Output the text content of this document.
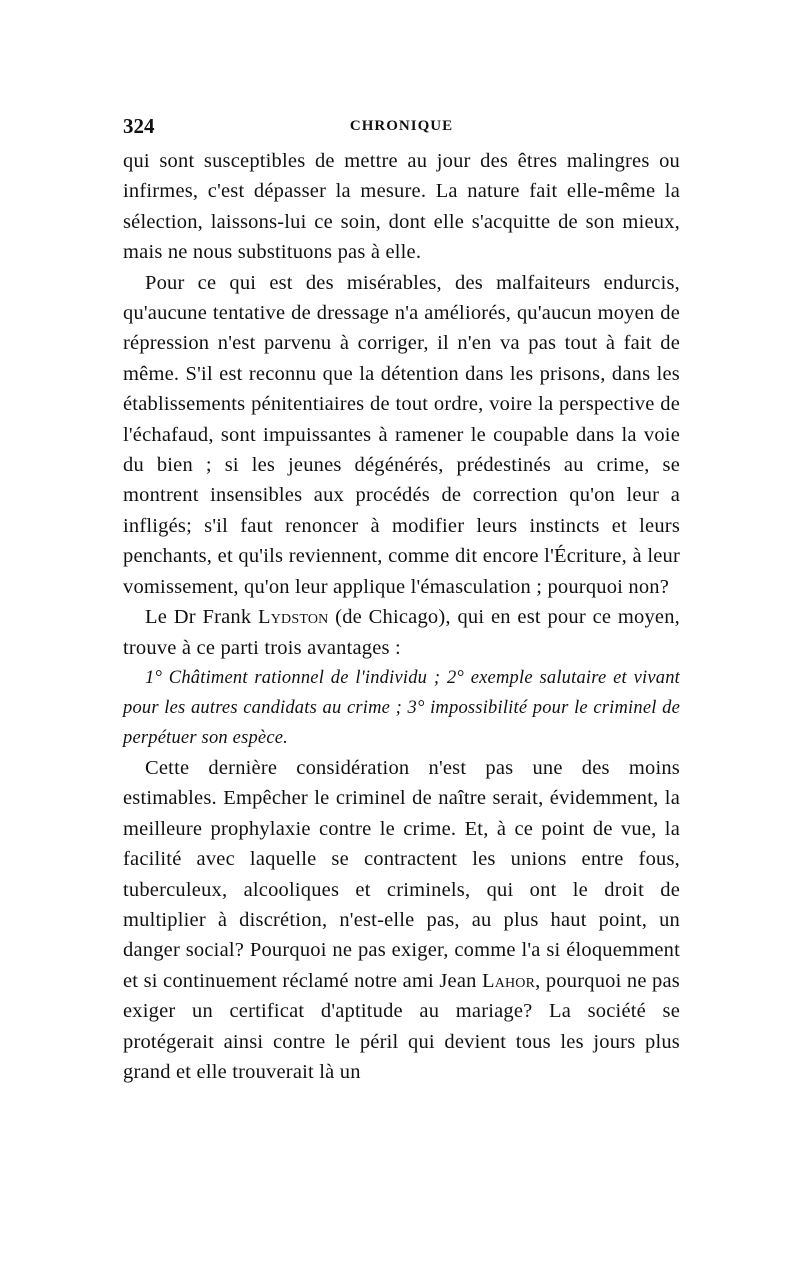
324	CHRONIQUE

qui sont susceptibles de mettre au jour des êtres malingres ou infirmes, c'est dépasser la mesure. La nature fait elle-même la sélection, laissons-lui ce soin, dont elle s'acquitte de son mieux, mais ne nous substituons pas à elle.

Pour ce qui est des misérables, des malfaiteurs endurcis, qu'aucune tentative de dressage n'a améliorés, qu'aucun moyen de répression n'est parvenu à corriger, il n'en va pas tout à fait de même. S'il est reconnu que la détention dans les prisons, dans les établissements pénitentiaires de tout ordre, voire la perspective de l'échafaud, sont impuissantes à ramener le coupable dans la voie du bien ; si les jeunes dégénérés, prédestinés au crime, se montrent insensibles aux procédés de correction qu'on leur a infligés; s'il faut renoncer à modifier leurs instincts et leurs penchants, et qu'ils reviennent, comme dit encore l'Écriture, à leur vomissement, qu'on leur applique l'émasculation ; pourquoi non?

Le Dr Frank Lydston (de Chicago), qui en est pour ce moyen, trouve à ce parti trois avantages :

1° Châtiment rationnel de l'individu ; 2° exemple salutaire et vivant pour les autres candidats au crime ; 3° impossibilité pour le criminel de perpétuer son espèce.

Cette dernière considération n'est pas une des moins estimables. Empêcher le criminel de naître serait, évidemment, la meilleure prophylaxie contre le crime. Et, à ce point de vue, la facilité avec laquelle se contractent les unions entre fous, tuberculeux, alcooliques et criminels, qui ont le droit de multiplier à discrétion, n'est-elle pas, au plus haut point, un danger social? Pourquoi ne pas exiger, comme l'a si éloquemment et si continuement réclamé notre ami Jean Lahor, pourquoi ne pas exiger un certificat d'aptitude au mariage? La société se protégerait ainsi contre le péril qui devient tous les jours plus grand et elle trouverait là un
